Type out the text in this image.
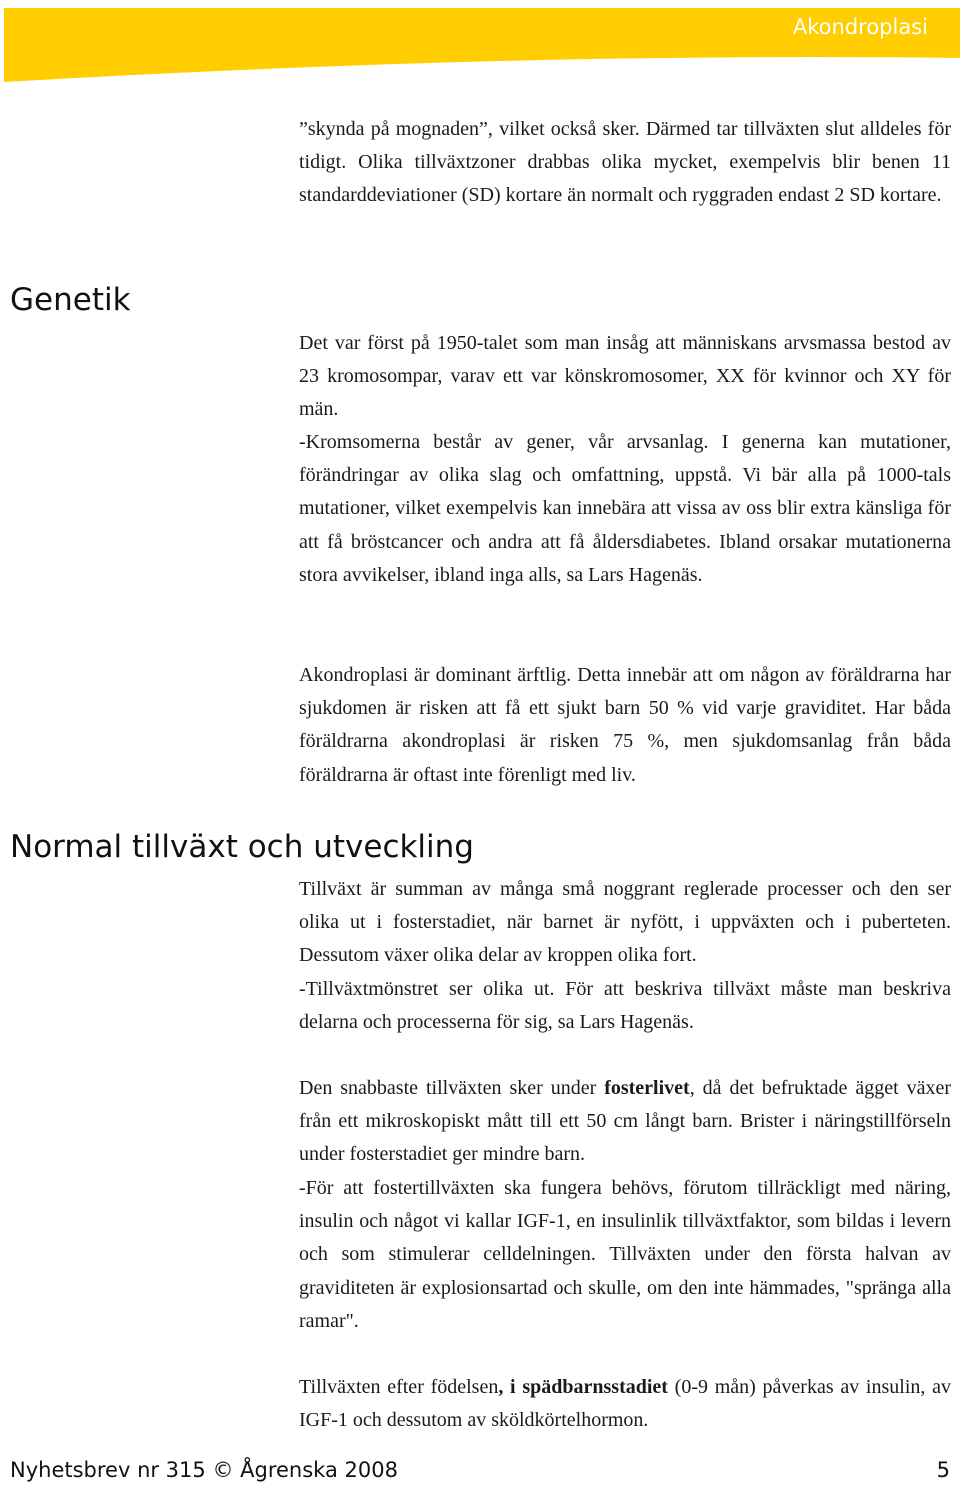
Akondroplasi

”skynda på mognaden”, vilket också sker. Därmed tar tillväxten slut alldeles för tidigt. Olika tillväxtzoner drabbas olika mycket, exempelvis blir benen 11 standarddeviationer (SD) kortare än normalt och ryggraden endast 2 SD kortare.

Genetik

Det var först på 1950-talet som man insåg att människans arvsmassa bestod av 23 kromosompar, varav ett var könskromosomer, XX för kvinnor och XY för män.

-Kromsomerna består av gener, vår arvsanlag. I generna kan mutationer, förändringar av olika slag och omfattning, uppstå. Vi bär alla på 1000-tals mutationer, vilket exempelvis kan innebära att vissa av oss blir extra känsliga för att få bröstcancer och andra att få åldersdiabetes. Ibland orsakar mutationerna stora avvikelser, ibland inga alls, sa Lars Hagenäs.

Akondroplasi är dominant ärftlig. Detta innebär att om någon av föräldrarna har sjukdomen är risken att få ett sjukt barn 50 % vid varje graviditet. Har båda föräldrarna akondroplasi är risken 75 %, men sjukdomsanlag från båda föräldrarna är oftast inte förenligt med liv.

Normal tillväxt och utveckling

Tillväxt är summan av många små noggrant reglerade processer och den ser olika ut i fosterstadiet, när barnet är nyfött, i uppväxten och i puberteten. Dessutom växer olika delar av kroppen olika fort.

-Tillväxtmönstret ser olika ut. För att beskriva tillväxt måste man beskriva delarna och processerna för sig, sa Lars Hagenäs.

Den snabbaste tillväxten sker under fosterlivet, då det befruktade ägget växer från ett mikroskopiskt mått till ett 50 cm långt barn. Brister i näringstillförseln under fosterstadiet ger mindre barn.

-För att fostertillväxten ska fungera behövs, förutom tillräckligt med näring, insulin och något vi kallar IGF-1, en insulinlik tillväxtfaktor, som bildas i levern och som stimulerar celldelningen. Tillväxten under den första halvan av graviditeten är explosionsartad och skulle, om den inte hämmades, "spränga alla ramar".

Tillväxten efter födelsen, i spädbarnsstadiet (0-9 mån) påverkas av insulin, av IGF-1 och dessutom av sköldkörtelhormon.

Nyhetsbrev nr 315 © Ågrenska 2008	5
